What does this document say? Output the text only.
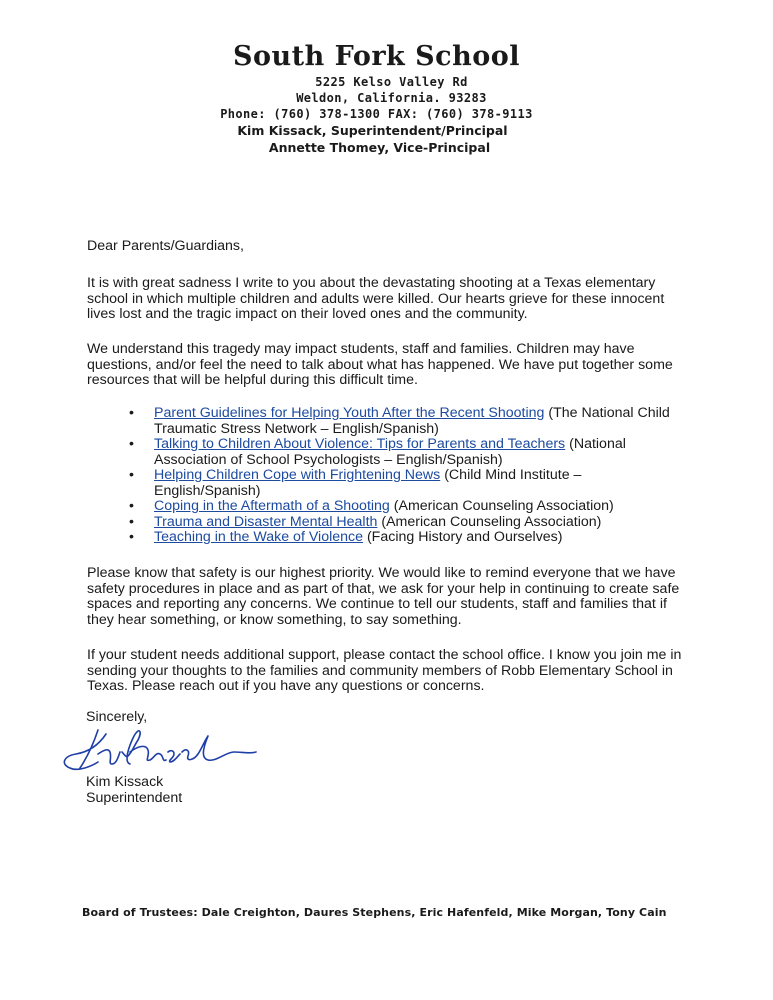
South Fork School
5225 Kelso Valley Rd
Weldon, California. 93283
Phone: (760) 378-1300 FAX: (760) 378-9113
Kim Kissack, Superintendent/Principal
Annette Thomey, Vice-Principal
Dear Parents/Guardians,

It is with great sadness I write to you about the devastating shooting at a Texas elementary school in which multiple children and adults were killed. Our hearts grieve for these innocent lives lost and the tragic impact on their loved ones and the community.

We understand this tragedy may impact students, staff and families. Children may have questions, and/or feel the need to talk about what has happened. We have put together some resources that will be helpful during this difficult time.

• Parent Guidelines for Helping Youth After the Recent Shooting (The National Child Traumatic Stress Network – English/Spanish)
• Talking to Children About Violence: Tips for Parents and Teachers (National Association of School Psychologists – English/Spanish)
• Helping Children Cope with Frightening News (Child Mind Institute – English/Spanish)
• Coping in the Aftermath of a Shooting (American Counseling Association)
• Trauma and Disaster Mental Health (American Counseling Association)
• Teaching in the Wake of Violence (Facing History and Ourselves)

Please know that safety is our highest priority. We would like to remind everyone that we have safety procedures in place and as part of that, we ask for your help in continuing to create safe spaces and reporting any concerns. We continue to tell our students, staff and families that if they hear something, or know something, to say something.

If your student needs additional support, please contact the school office. I know you join me in sending your thoughts to the families and community members of Robb Elementary School in Texas. Please reach out if you have any questions or concerns.

Sincerely,
Kim Kissack
Superintendent
Board of Trustees: Dale Creighton, Daures Stephens, Eric Hafenfeld, Mike Morgan, Tony Cain
